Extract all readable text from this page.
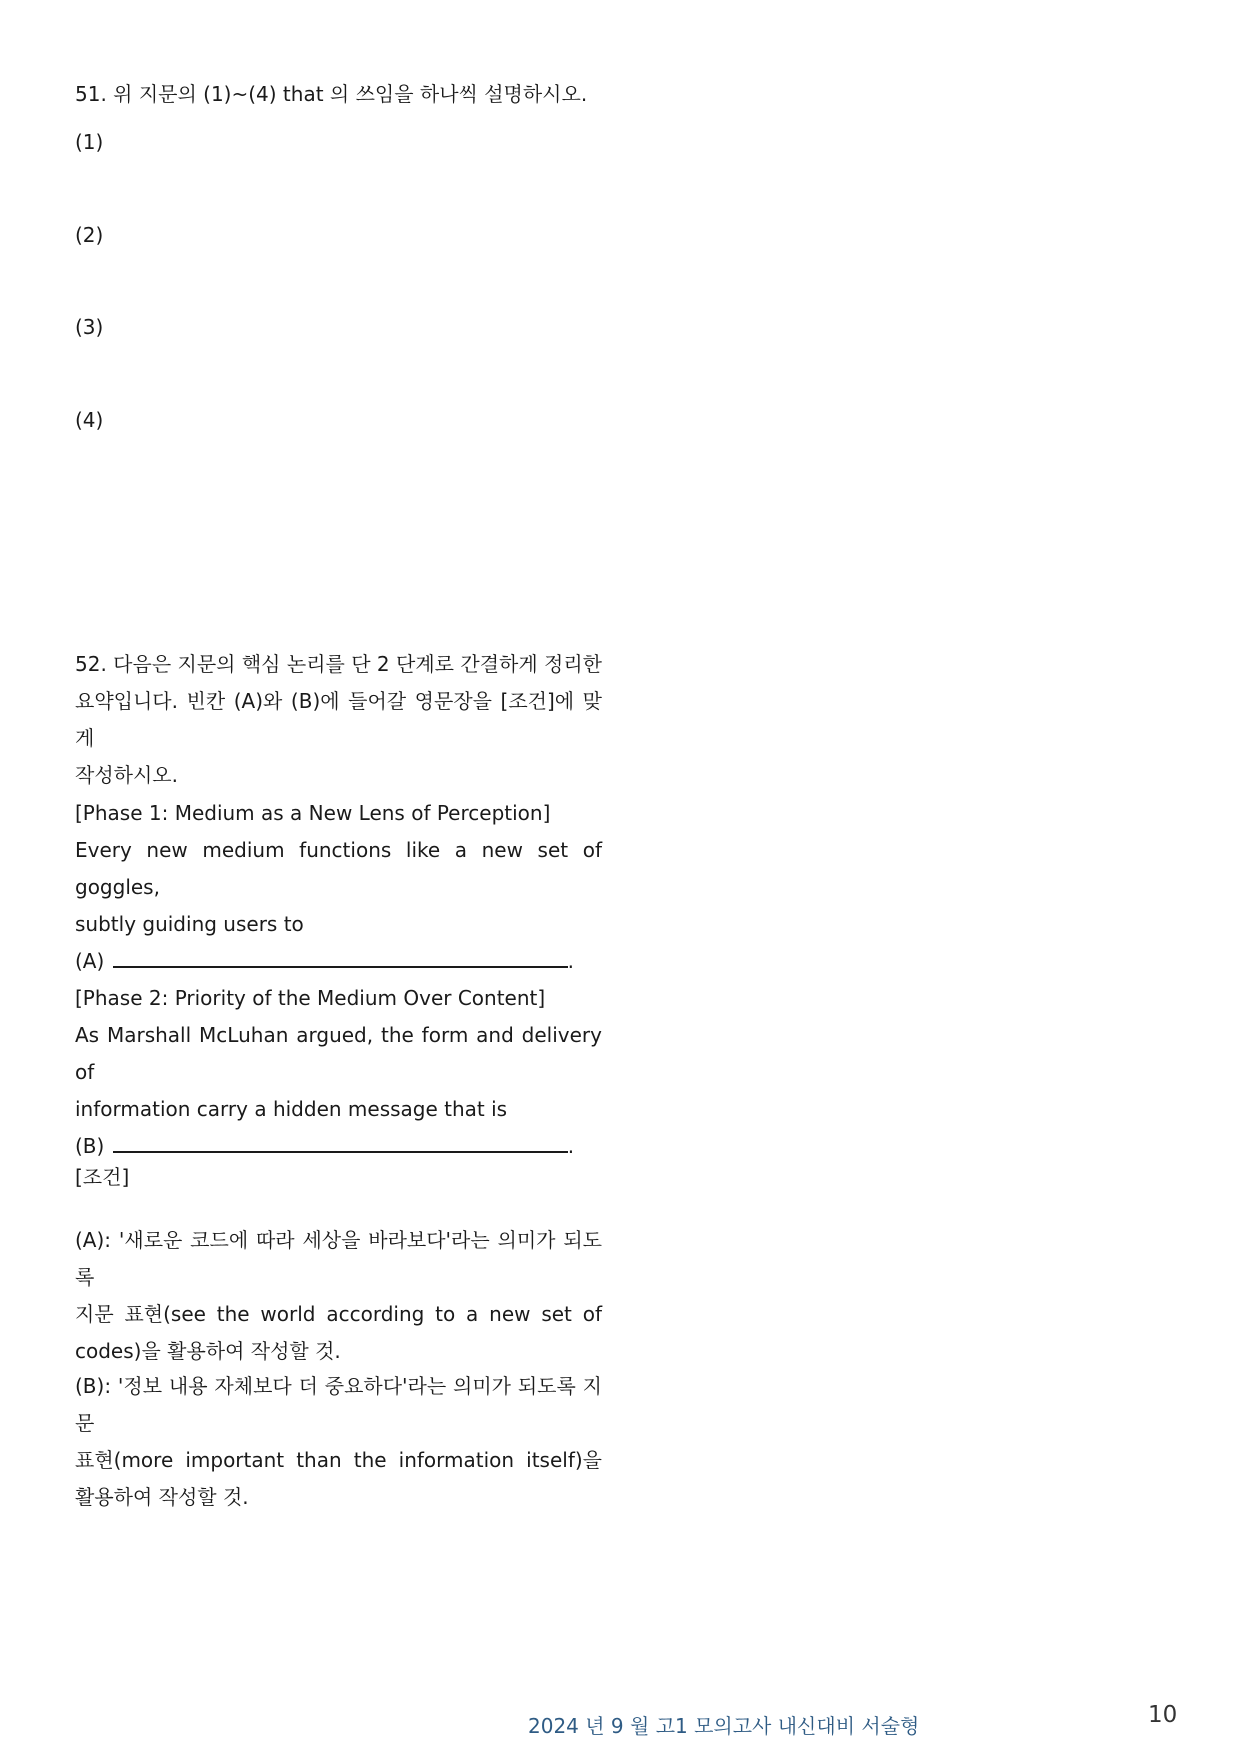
51. 위 지문의 (1)~(4) that 의 쓰임을 하나씩 설명하시오.
(1)
(2)
(3)
(4)
52. 다음은 지문의 핵심 논리를 단 2 단계로 간결하게 정리한
요약입니다. 빈칸 (A)와 (B)에 들어갈 영문장을 [조건]에 맞게
작성하시오.
[Phase 1: Medium as a New Lens of Perception]
Every new medium functions like a new set of goggles,
subtly guiding users to
(A)	.
[Phase 2: Priority of the Medium Over Content]
As Marshall McLuhan argued, the form and delivery of
information carry a hidden message that is
(B)	.
[조건]
(A): '새로운 코드에 따라 세상을 바라보다'라는 의미가 되도록
지문 표현(see the world according to a new set of
codes)을 활용하여 작성할 것.
(B): '정보 내용 자체보다 더 중요하다'라는 의미가 되도록 지문
표현(more important than the information itself)을
활용하여 작성할 것.
2024 년 9 월 고1 모의고사 내신대비 서술형	10
